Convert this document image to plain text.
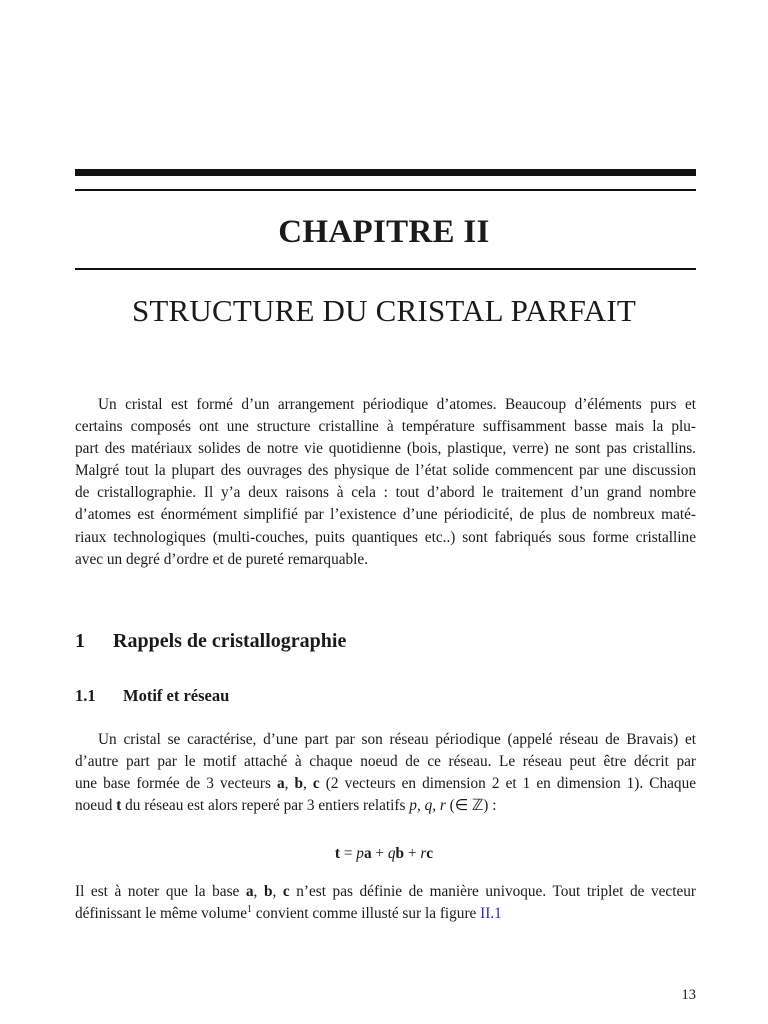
CHAPITRE II
STRUCTURE DU CRISTAL PARFAIT
Un cristal est formé d’un arrangement périodique d’atomes. Beaucoup d’éléments purs et
certains composés ont une structure cristalline à température suffisamment basse mais la plu-
part des matériaux solides de notre vie quotidienne (bois, plastique, verre) ne sont pas cristallins.
Malgré tout la plupart des ouvrages des physique de l’état solide commencent par une discussion
de cristallographie. Il y’a deux raisons à cela : tout d’abord le traitement d’un grand nombre
d’atomes est énormément simplifié par l’existence d’une périodicité, de plus de nombreux maté-
riaux technologiques (multi-couches, puits quantiques etc..) sont fabriqués sous forme cristalline
avec un degré d’ordre et de pureté remarquable.
1 Rappels de cristallographie
1.1 Motif et réseau
Un cristal se caractérise, d’une part par son réseau périodique (appelé réseau de Bravais) et
d’autre part par le motif attaché à chaque noeud de ce réseau. Le réseau peut être décrit par
une base formée de 3 vecteurs a, b, c (2 vecteurs en dimension 2 et 1 en dimension 1). Chaque
noeud t du réseau est alors reperé par 3 entiers relatifs p, q, r (∈ ℤ) :
t = pa + qb + rc
Il est à noter que la base a, b, c n’est pas définie de manière univoque. Tout triplet de vecteur
définissant le même volume$^1$ convient comme illusté sur la figure II.1
13
